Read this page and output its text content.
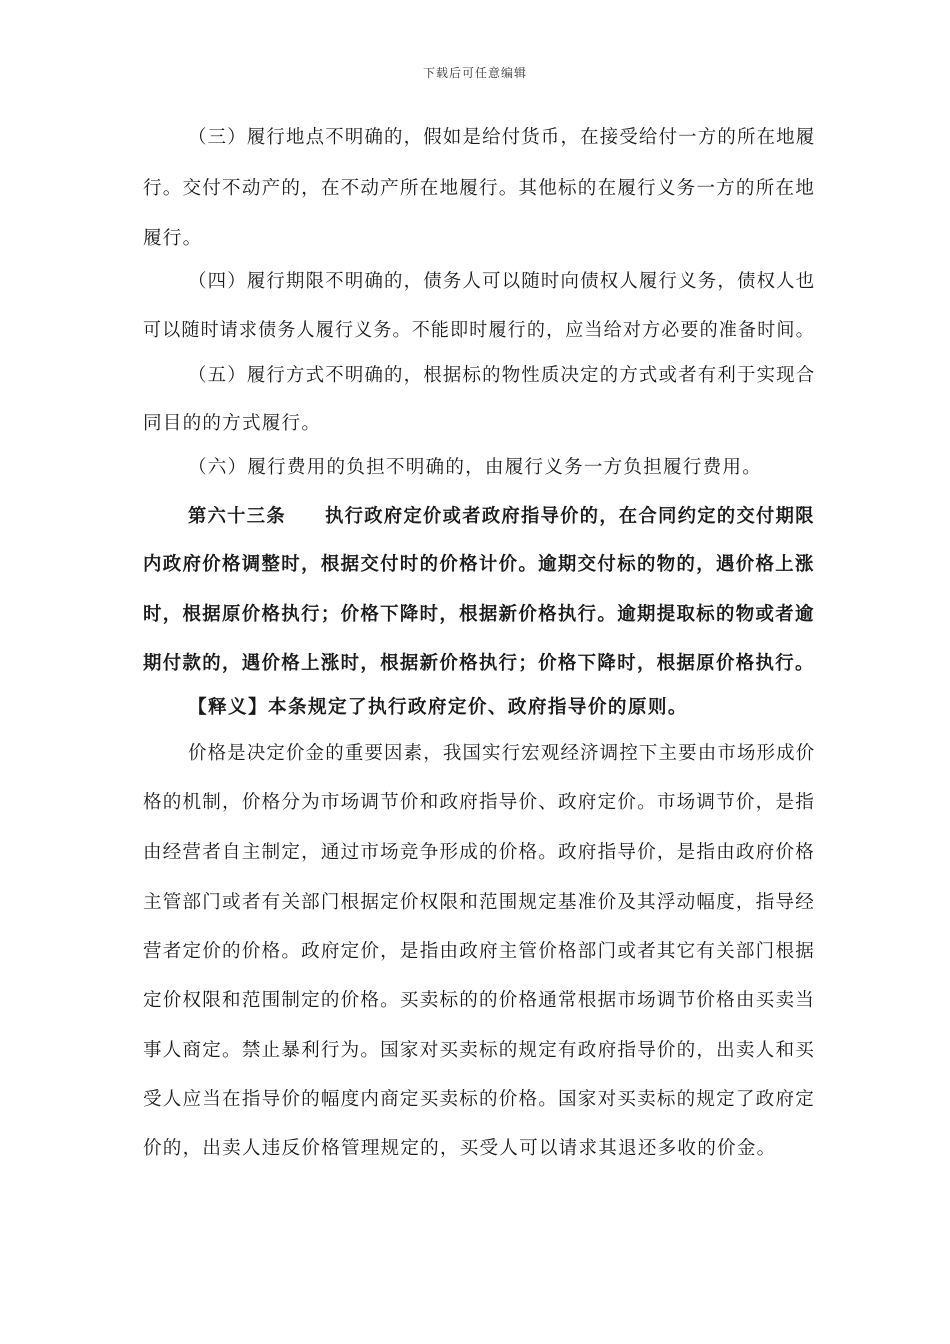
下载后可任意编辑
（三）履行地点不明确的，假如是给付货币，在接受给付一方的所在地履
行。交付不动产的，在不动产所在地履行。其他标的在履行义务一方的所在地
履行。
（四）履行期限不明确的，债务人可以随时向债权人履行义务，债权人也
可以随时请求债务人履行义务。不能即时履行的，应当给对方必要的准备时间。
（五）履行方式不明确的，根据标的物性质决定的方式或者有利于实现合
同目的的方式履行。
（六）履行费用的负担不明确的，由履行义务一方负担履行费用。
第六十三条　　执行政府定价或者政府指导价的，在合同约定的交付期限
内政府价格调整时，根据交付时的价格计价。逾期交付标的物的，遇价格上涨
时，根据原价格执行；价格下降时，根据新价格执行。逾期提取标的物或者逾
期付款的，遇价格上涨时，根据新价格执行；价格下降时，根据原价格执行。
【释义】本条规定了执行政府定价、政府指导价的原则。
价格是决定价金的重要因素，我国实行宏观经济调控下主要由市场形成价
格的机制，价格分为市场调节价和政府指导价、政府定价。市场调节价，是指
由经营者自主制定，通过市场竞争形成的价格。政府指导价，是指由政府价格
主管部门或者有关部门根据定价权限和范围规定基准价及其浮动幅度，指导经
营者定价的价格。政府定价，是指由政府主管价格部门或者其它有关部门根据
定价权限和范围制定的价格。买卖标的的价格通常根据市场调节价格由买卖当
事人商定。禁止暴利行为。国家对买卖标的规定有政府指导价的，出卖人和买
受人应当在指导价的幅度内商定买卖标的价格。国家对买卖标的规定了政府定
价的，出卖人违反价格管理规定的，买受人可以请求其退还多收的价金。
